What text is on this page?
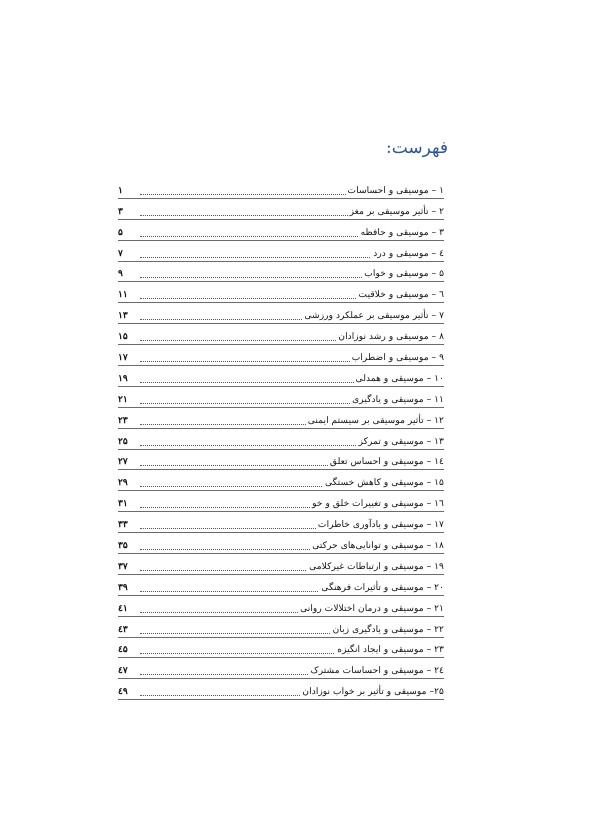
فهرست:
۱	۱ – موسیقی و احساسات
۳	۲ – تأثیر موسیقی بر مغز
۵	۳ – موسیقی و حافظه
۷	٤ – موسیقی و درد
۹	۵ – موسیقی و خواب
۱۱	٦ – موسیقی و خلاقیت
۱۳	۷ – تأثیر موسیقی بر عملکرد ورزشی
۱۵	۸ – موسیقی و رشد نوزادان
۱۷	۹ – موسیقی و اضطراب
۱۹	۱۰ – موسیقی و همدلی
۲۱	۱۱ – موسیقی و یادگیری
۲۳	۱۲ – تأثیر موسیقی بر سیستم ایمنی
۲۵	۱۳ – موسیقی و تمرکز
۲۷	۱٤ – موسیقی و احساس تعلق
۲۹	۱۵ – موسیقی و کاهش خستگی
۳۱	۱٦ – موسیقی و تغییرات خلق و خو
۳۳	۱۷ – موسیقی و یادآوری خاطرات
۳۵	۱۸ – موسیقی و توانایی‌های حرکتی
۳۷	۱۹ – موسیقی و ارتباطات غیرکلامی
۳۹	۲۰ – موسیقی و تأثیرات فرهنگی
٤۱	۲۱ – موسیقی و درمان اختلالات روانی
٤۳	۲۲ – موسیقی و یادگیری زبان
٤۵	۲۳ – موسیقی و ایجاد انگیزه
٤۷	۲٤ – موسیقی و احساسات مشترک
٤۹	۲۵– موسیقی و تأثیر بر خواب نوزادان
